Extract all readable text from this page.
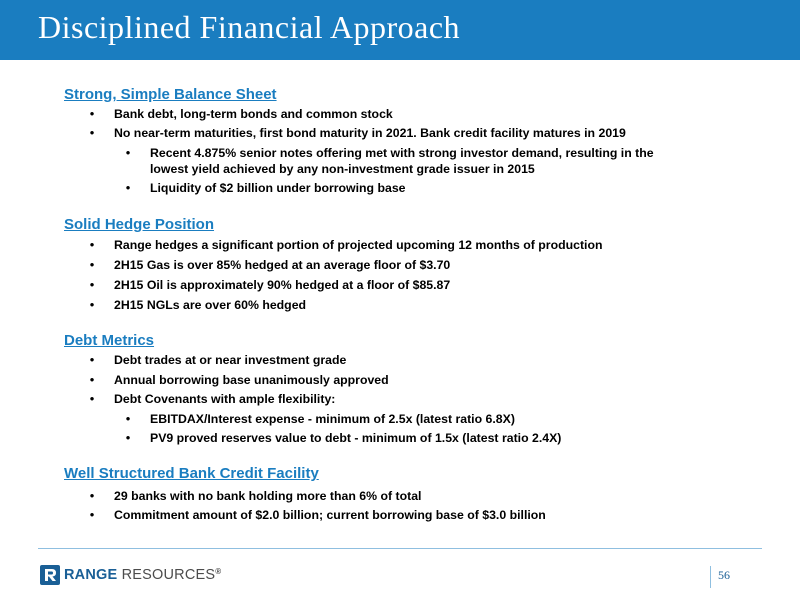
Disciplined Financial Approach
Strong, Simple Balance Sheet
• Bank debt, long-term bonds and common stock
• No near-term maturities, first bond maturity in 2021. Bank credit facility matures in 2019
• Recent 4.875% senior notes offering met with strong investor demand, resulting in the
lowest yield achieved by any non-investment grade issuer in 2015
• Liquidity of $2 billion under borrowing base
Solid Hedge Position
• Range hedges a significant portion of projected upcoming 12 months of production
• 2H15 Gas is over 85% hedged at an average floor of $3.70
• 2H15 Oil is approximately 90% hedged at a floor of $85.87
• 2H15 NGLs are over 60% hedged
Debt Metrics
• Debt trades at or near investment grade
• Annual borrowing base unanimously approved
• Debt Covenants with ample flexibility:
• EBITDAX/Interest expense - minimum of 2.5x (latest ratio 6.8X)
• PV9 proved reserves value to debt - minimum of 1.5x (latest ratio 2.4X)
Well Structured Bank Credit Facility
• 29 banks with no bank holding more than 6% of total
• Commitment amount of $2.0 billion; current borrowing base of $3.0 billion
RANGE RESOURCES®	56
